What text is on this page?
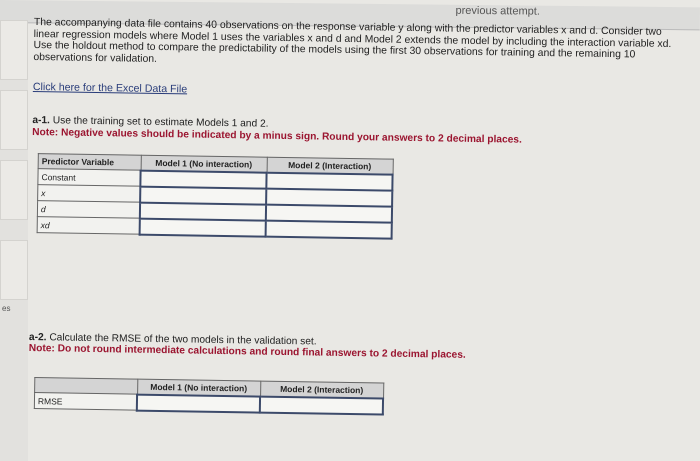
previous attempt.
es

The accompanying data file contains 40 observations on the response variable y along with the predictor variables x and d. Consider two linear regression models where Model 1 uses the variables x and d and Model 2 extends the model by including the interaction variable xd. Use the holdout method to compare the predictability of the models using the first 30 observations for training and the remaining 10 observations for validation.

Click here for the Excel Data File

a-1. Use the training set to estimate Models 1 and 2.
Note: Negative values should be indicated by a minus sign. Round your answers to 2 decimal places.

Predictor Variable	Model 1 (No interaction)	Model 2 (Interaction)
Constant		
x		
d		
xd		

a-2. Calculate the RMSE of the two models in the validation set.
Note: Do not round intermediate calculations and round final answers to 2 decimal places.

	Model 1 (No interaction)	Model 2 (Interaction)
RMSE		
